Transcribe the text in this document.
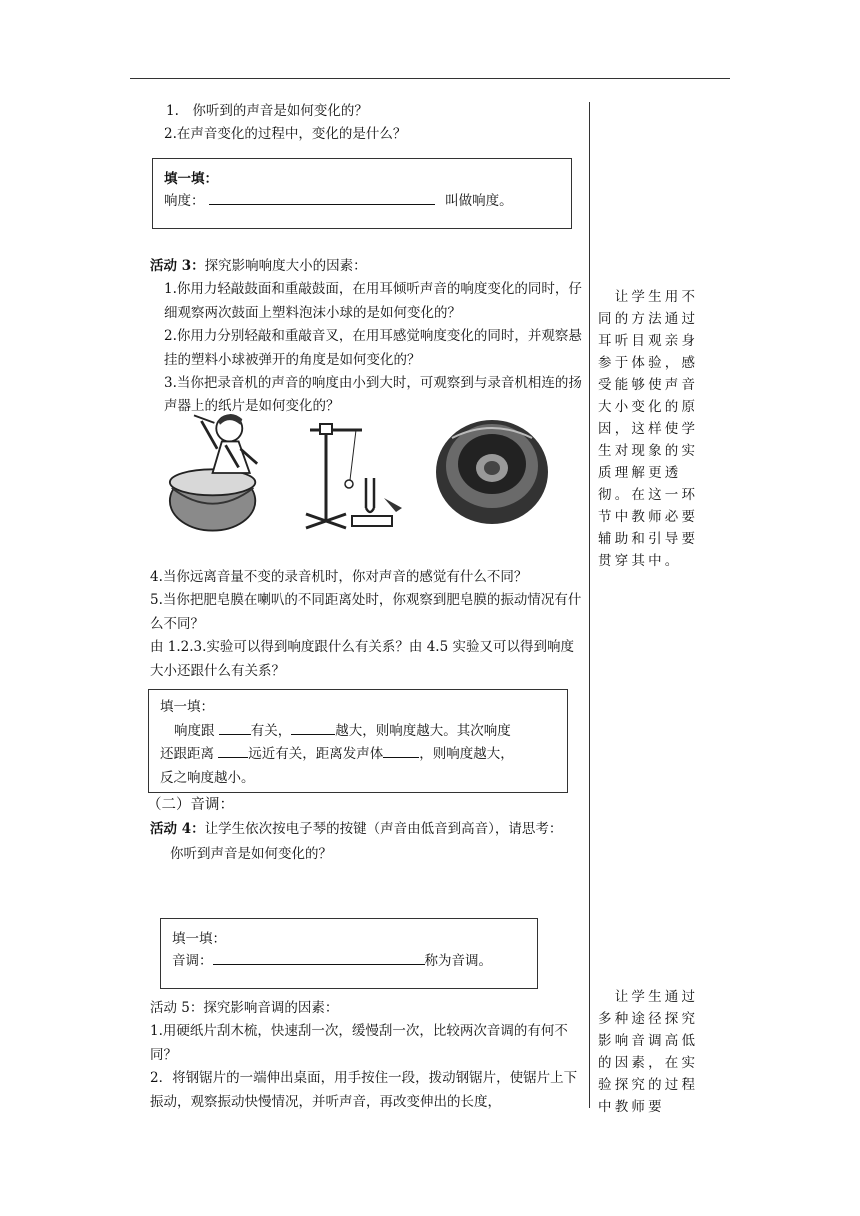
1.　你听到的声音是如何变化的？

2.在声音变化的过程中，变化的是什么？

填一填：
响度：	叫做响度。

活动 3：探究影响响度大小的因素：

1.你用力轻敲鼓面和重敲鼓面，在用耳倾听声音的响度变化的同时，仔细观察两次鼓面上塑料泡沫小球的是如何变化的？

2.你用力分别轻敲和重敲音叉，在用耳感觉响度变化的同时，并观察悬挂的塑料小球被弹开的角度是如何变化的？

3.当你把录音机的声音的响度由小到大时，可观察到与录音机相连的扬声器上的纸片是如何变化的？

4.当你远离音量不变的录音机时，你对声音的感觉有什么不同？

5.当你把肥皂膜在喇叭的不同距离处时，你观察到肥皂膜的振动情况有什么不同？

由 1.2.3.实验可以得到响度跟什么有关系？由 4.5 实验又可以得到响度大小还跟什么有关系？

填一填：
响度跟 有关，	越大，则响度越大。其次响度
还跟距离 远近有关，距离发声体	，则响度越大，
反之响度越小。

（二）音调：

活动 4：让学生依次按电子琴的按键（声音由低音到高音），请思考：

你听到声音是如何变化的？

填一填：
音调：	称为音调。

活动 5：探究影响音调的因素：

1.用硬纸片刮木梳，快速刮一次，缓慢刮一次，比较两次音调的有何不同？

2．将钢锯片的一端伸出桌面，用手按住一段，拨动钢锯片，使锯片上下振动，观察振动快慢情况，并听声音，再改变伸出的长度，

　让学生用不同的方法通过耳听目观亲身参于体验，感受能够使声音大小变化的原因，这样使学生对现象的实质理解更透彻。在这一环节中教师必要辅助和引导要贯穿其中。
　让学生通过多种途径探究影响音调高低的因素，在实验探究的过程中教师要
